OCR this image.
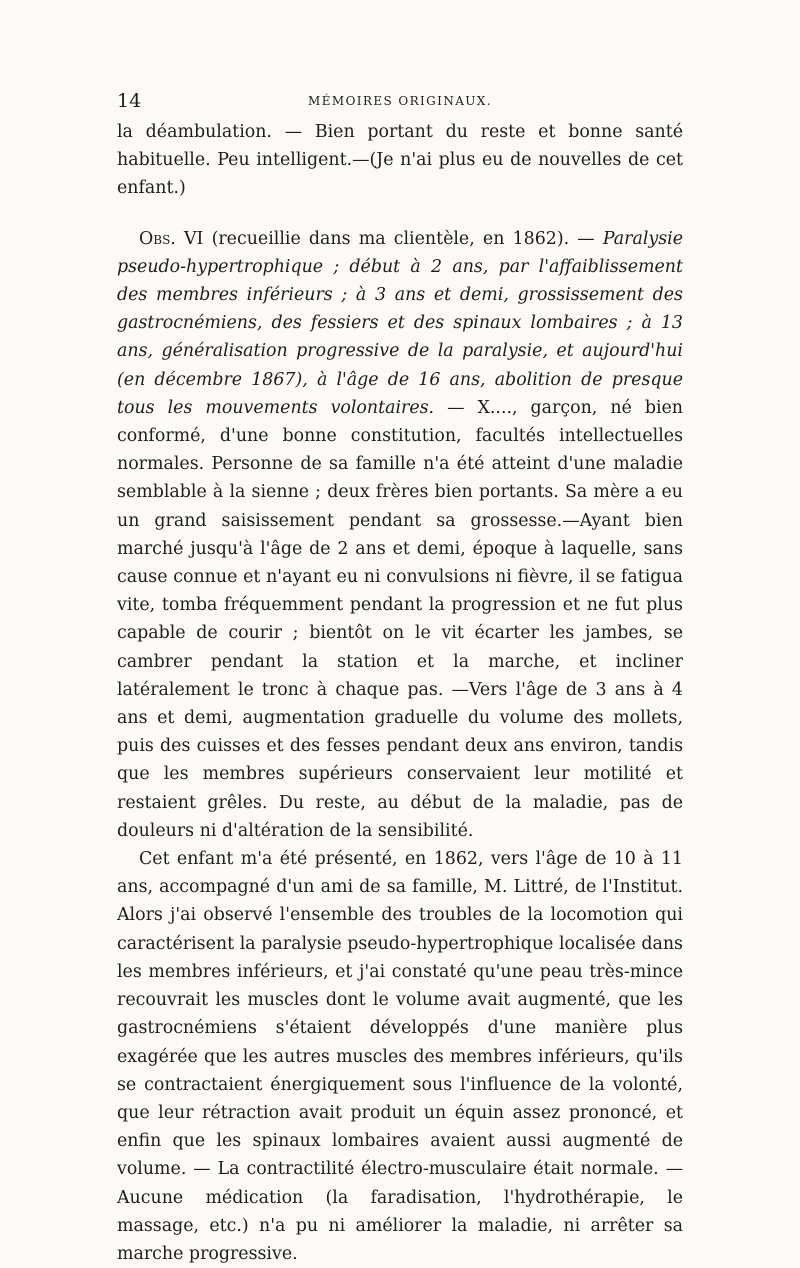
14	MÉMOIRES ORIGINAUX.

la déambulation. — Bien portant du reste et bonne santé habituelle. Peu intelligent.—(Je n'ai plus eu de nouvelles de cet enfant.)

Obs. VI (recueillie dans ma clientèle, en 1862). — Paralysie pseudo-hypertrophique ; début à 2 ans, par l'affaiblissement des membres inférieurs ; à 3 ans et demi, grossissement des gastrocnémiens, des fessiers et des spinaux lombaires ; à 13 ans, généralisation progressive de la paralysie, et aujourd'hui (en décembre 1867), à l'âge de 16 ans, abolition de presque tous les mouvements volontaires. — X...., garçon, né bien conformé, d'une bonne constitution, facultés intellectuelles normales. Personne de sa famille n'a été atteint d'une maladie semblable à la sienne ; deux frères bien portants. Sa mère a eu un grand saisissement pendant sa grossesse.—Ayant bien marché jusqu'à l'âge de 2 ans et demi, époque à laquelle, sans cause connue et n'ayant eu ni convulsions ni fièvre, il se fatigua vite, tomba fréquemment pendant la progression et ne fut plus capable de courir ; bientôt on le vit écarter les jambes, se cambrer pendant la station et la marche, et incliner latéralement le tronc à chaque pas. —Vers l'âge de 3 ans à 4 ans et demi, augmentation graduelle du volume des mollets, puis des cuisses et des fesses pendant deux ans environ, tandis que les membres supérieurs conservaient leur motilité et restaient grêles. Du reste, au début de la maladie, pas de douleurs ni d'altération de la sensibilité.

Cet enfant m'a été présenté, en 1862, vers l'âge de 10 à 11 ans, accompagné d'un ami de sa famille, M. Littré, de l'Institut. Alors j'ai observé l'ensemble des troubles de la locomotion qui caractérisent la paralysie pseudo-hypertrophique localisée dans les membres inférieurs, et j'ai constaté qu'une peau très-mince recouvrait les muscles dont le volume avait augmenté, que les gastrocnémiens s'étaient développés d'une manière plus exagérée que les autres muscles des membres inférieurs, qu'ils se contractaient énergiquement sous l'influence de la volonté, que leur rétraction avait produit un équin assez prononcé, et enfin que les spinaux lombaires avaient aussi augmenté de volume. — La contractilité électro-musculaire était normale. — Aucune médication (la faradisation, l'hydrothérapie, le massage, etc.) n'a pu ni améliorer la maladie, ni arrêter sa marche progressive.
